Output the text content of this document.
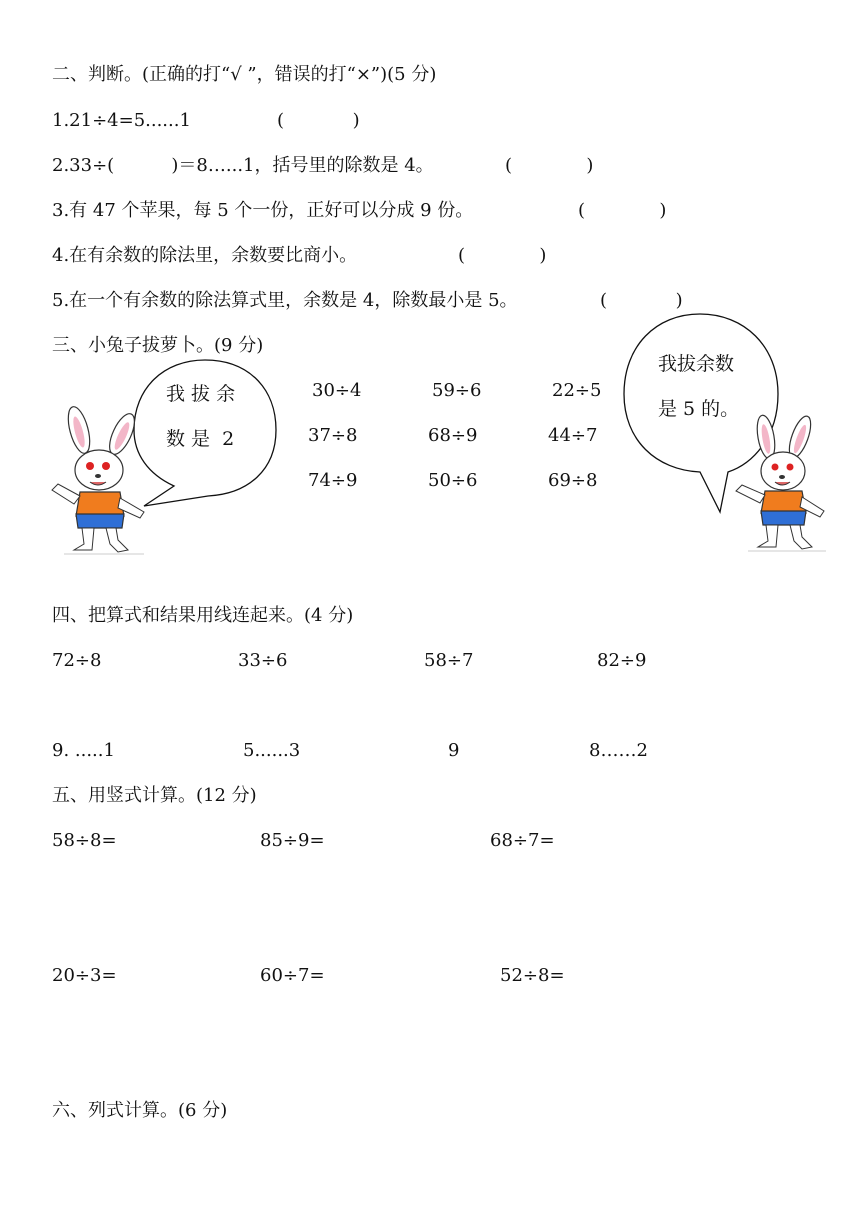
二、判断。(正确的打“√ ”，错误的打“×”)(5 分)
1.21÷4=5......1	(            )
2.33÷(          )＝8…...1，括号里的除数是 4。	(             )
3.有 47 个苹果，每 5 个一份，正好可以分成 9 份。	(             )
4.在有余数的除法里，余数要比商小。	(             )
5.在一个有余数的除法算式里，余数是 4，除数最小是 5。	(            )
三、小兔子拔萝卜。(9 分)
我 拔 余
数 是  2
我拔余数
是 5 的。
30÷4	59÷6	22÷5
37÷8	68÷9	44÷7
74÷9	50÷6	69÷8
四、把算式和结果用线连起来。(4 分)
72÷8	33÷6	58÷7	82÷9
9. .....1	5......3	9	8……2
五、用竖式计算。(12 分)
58÷8=	85÷9=	68÷7=
20÷3=	60÷7=	52÷8=
六、列式计算。(6 分)
